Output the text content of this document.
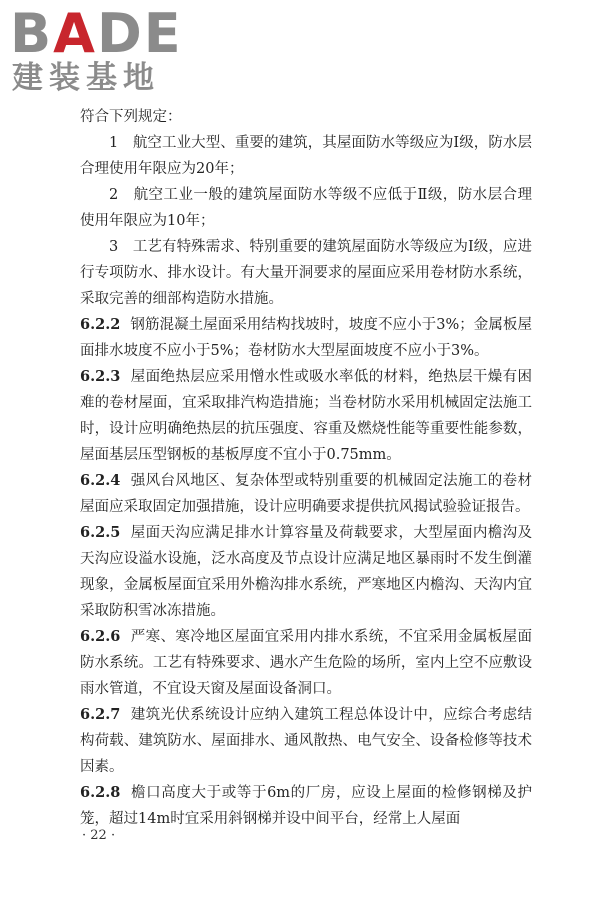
BADE
建装基地

符合下列规定：

1　航空工业大型、重要的建筑，其屋面防水等级应为Ⅰ级，防水层合理使用年限应为20年；

2　航空工业一般的建筑屋面防水等级不应低于Ⅱ级，防水层合理使用年限应为10年；

3　工艺有特殊需求、特别重要的建筑屋面防水等级应为Ⅰ级，应进行专项防水、排水设计。有大量开洞要求的屋面应采用卷材防水系统，采取完善的细部构造防水措施。

6.2.2 钢筋混凝土屋面采用结构找坡时，坡度不应小于3%；金属板屋面排水坡度不应小于5%；卷材防水大型屋面坡度不应小于3%。

6.2.3 屋面绝热层应采用憎水性或吸水率低的材料，绝热层干燥有困难的卷材屋面，宜采取排汽构造措施；当卷材防水采用机械固定法施工时，设计应明确绝热层的抗压强度、容重及燃烧性能等重要性能参数，屋面基层压型钢板的基板厚度不宜小于0.75mm。

6.2.4 强风台风地区、复杂体型或特别重要的机械固定法施工的卷材屋面应采取固定加强措施，设计应明确要求提供抗风揭试验验证报告。

6.2.5 屋面天沟应满足排水计算容量及荷载要求，大型屋面内檐沟及天沟应设溢水设施，泛水高度及节点设计应满足地区暴雨时不发生倒灌现象，金属板屋面宜采用外檐沟排水系统，严寒地区内檐沟、天沟内宜采取防积雪冰冻措施。

6.2.6 严寒、寒冷地区屋面宜采用内排水系统，不宜采用金属板屋面防水系统。工艺有特殊要求、遇水产生危险的场所，室内上空不应敷设雨水管道，不宜设天窗及屋面设备洞口。

6.2.7 建筑光伏系统设计应纳入建筑工程总体设计中，应综合考虑结构荷载、建筑防水、屋面排水、通风散热、电气安全、设备检修等技术因素。

6.2.8 檐口高度大于或等于6m的厂房，应设上屋面的检修钢梯及护笼，超过14m时宜采用斜钢梯并设中间平台，经常上人屋面

· 22 ·
